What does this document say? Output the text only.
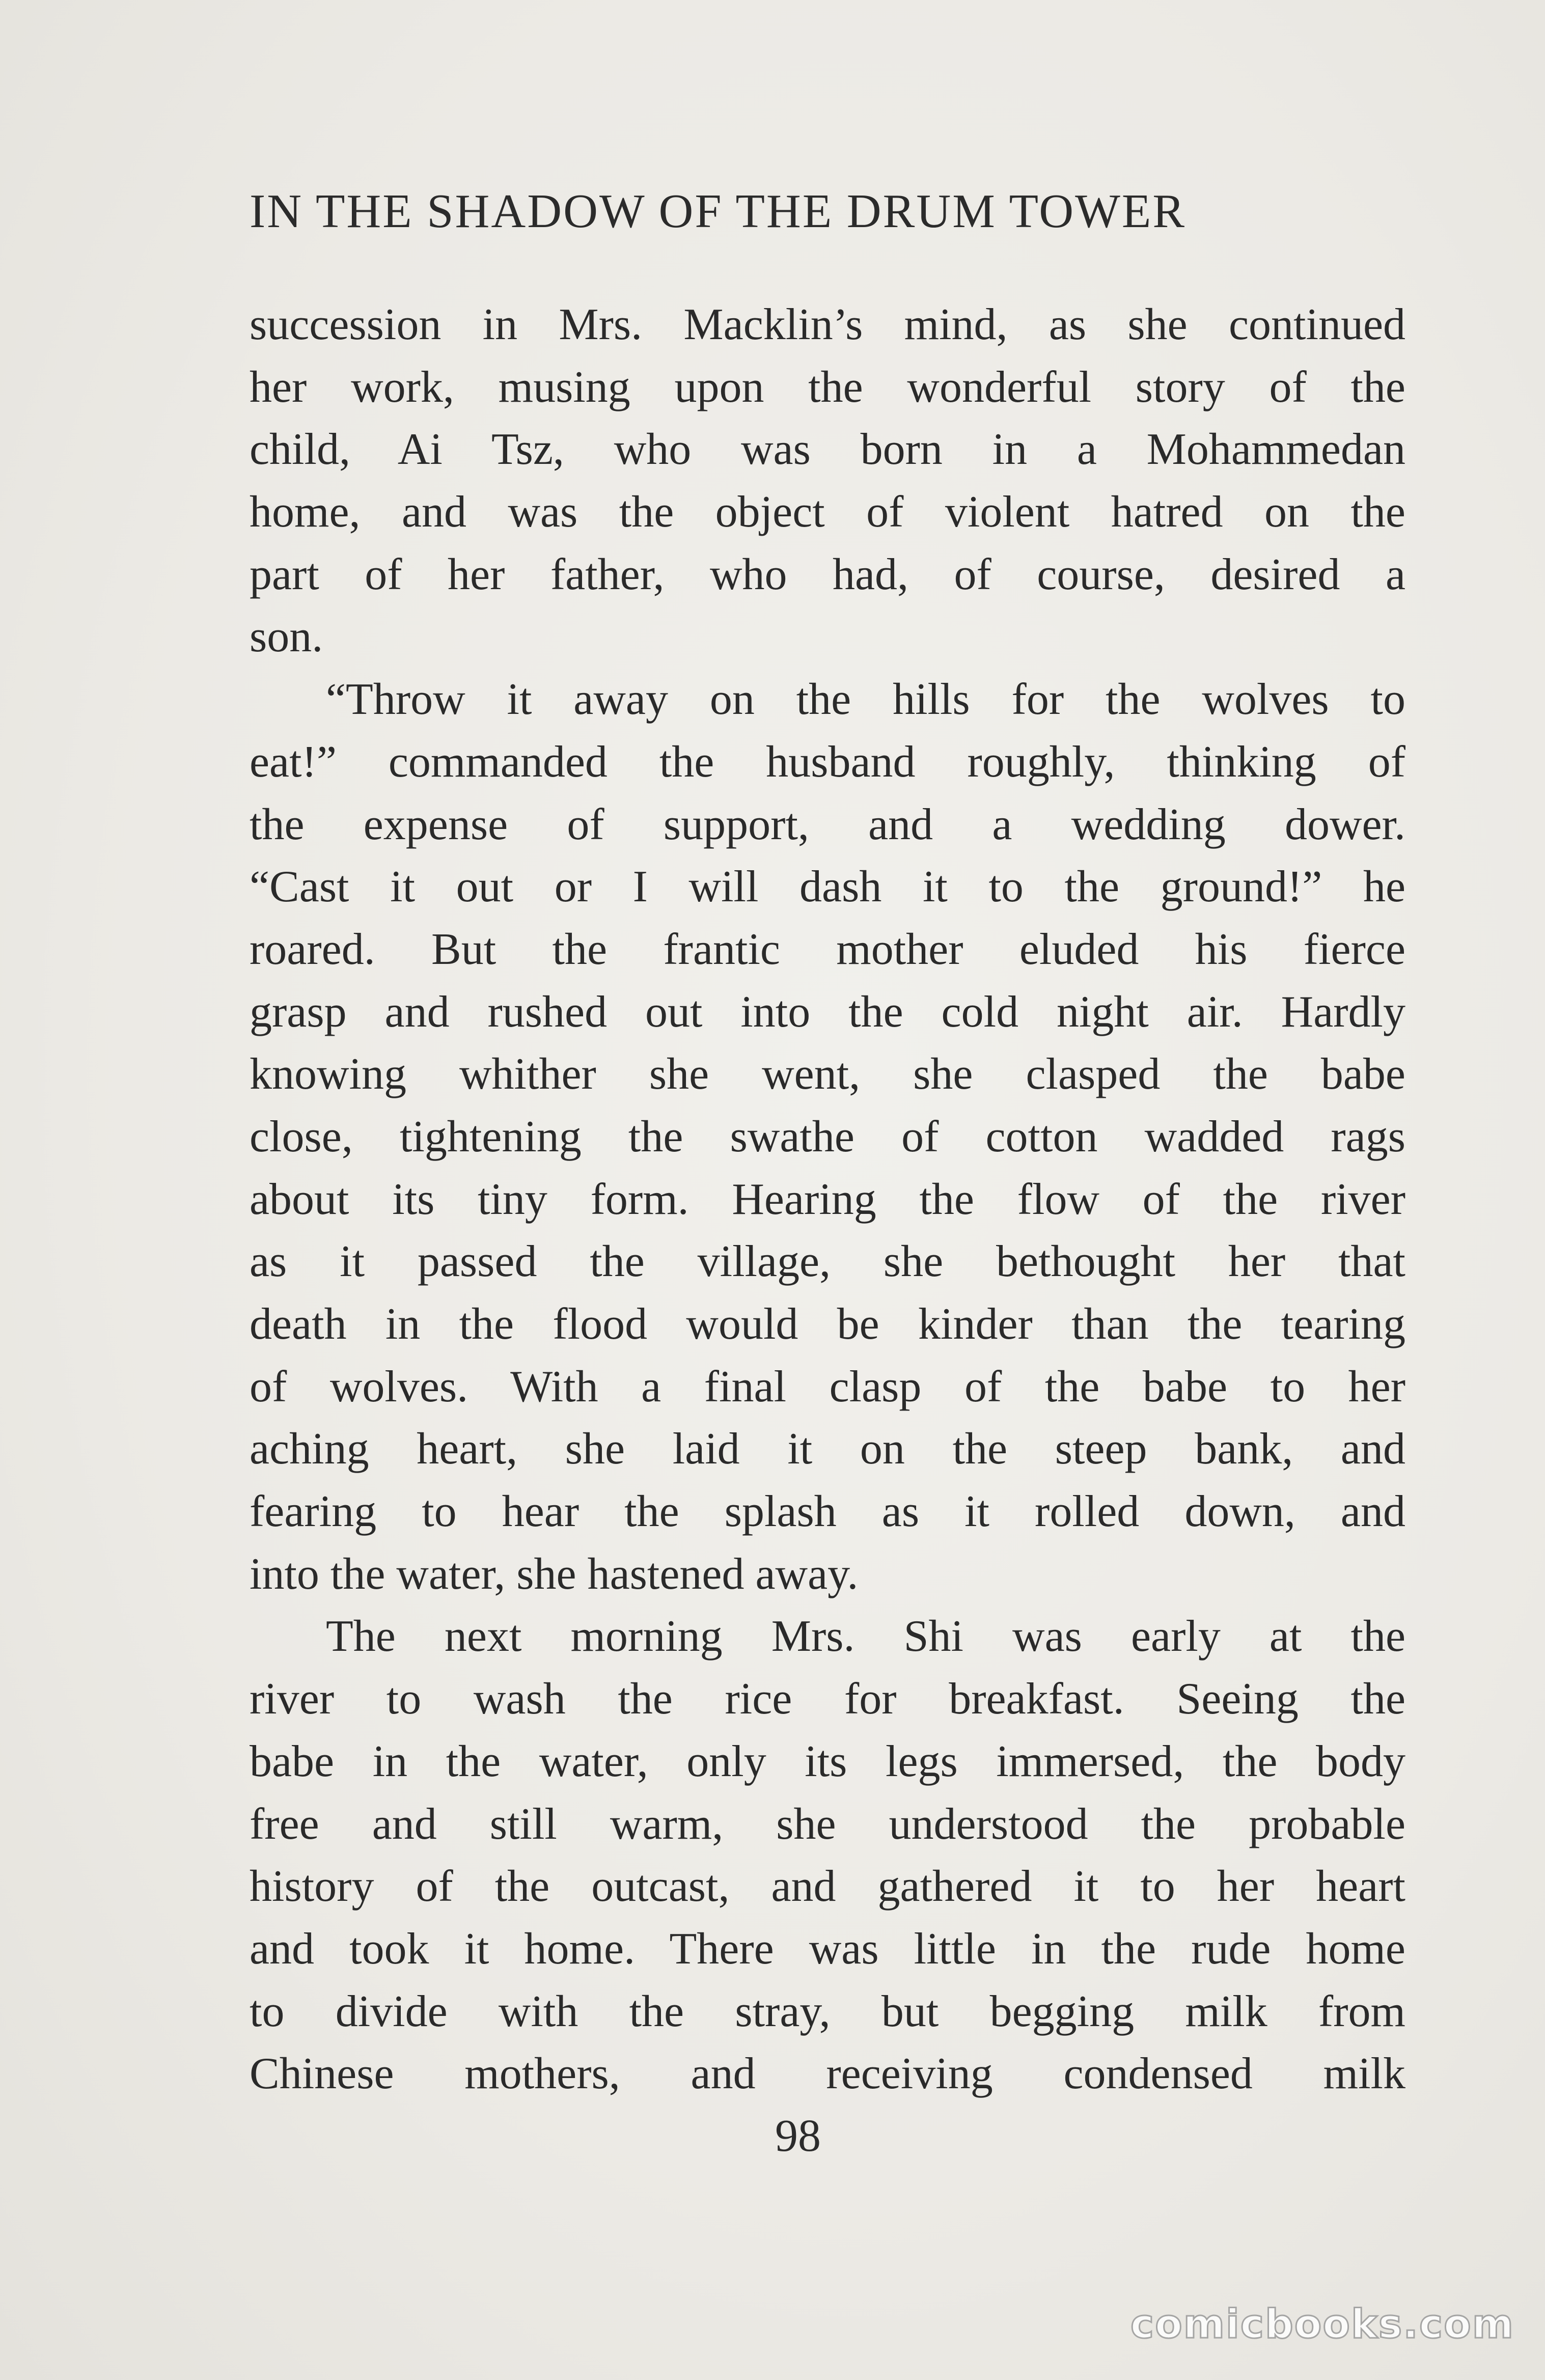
IN THE SHADOW OF THE DRUM TOWER
succession in Mrs. Macklin’s mind, as she continued
her work, musing upon the wonderful story of the
child, Ai Tsz, who was born in a Mohammedan
home, and was the object of violent hatred on the
part of her father, who had, of course, desired a
son.
“Throw it away on the hills for the wolves to
eat!” commanded the husband roughly, thinking of
the expense of support, and a wedding dower.
“Cast it out or I will dash it to the ground!” he
roared. But the frantic mother eluded his fierce
grasp and rushed out into the cold night air. Hardly
knowing whither she went, she clasped the babe
close, tightening the swathe of cotton wadded rags
about its tiny form. Hearing the flow of the river
as it passed the village, she bethought her that
death in the flood would be kinder than the tearing
of wolves. With a final clasp of the babe to her
aching heart, she laid it on the steep bank, and
fearing to hear the splash as it rolled down, and
into the water, she hastened away.
The next morning Mrs. Shi was early at the
river to wash the rice for breakfast. Seeing the
babe in the water, only its legs immersed, the body
free and still warm, she understood the probable
history of the outcast, and gathered it to her heart
and took it home. There was little in the rude home
to divide with the stray, but begging milk from
Chinese mothers, and receiving condensed milk
98
comicbooks.com
